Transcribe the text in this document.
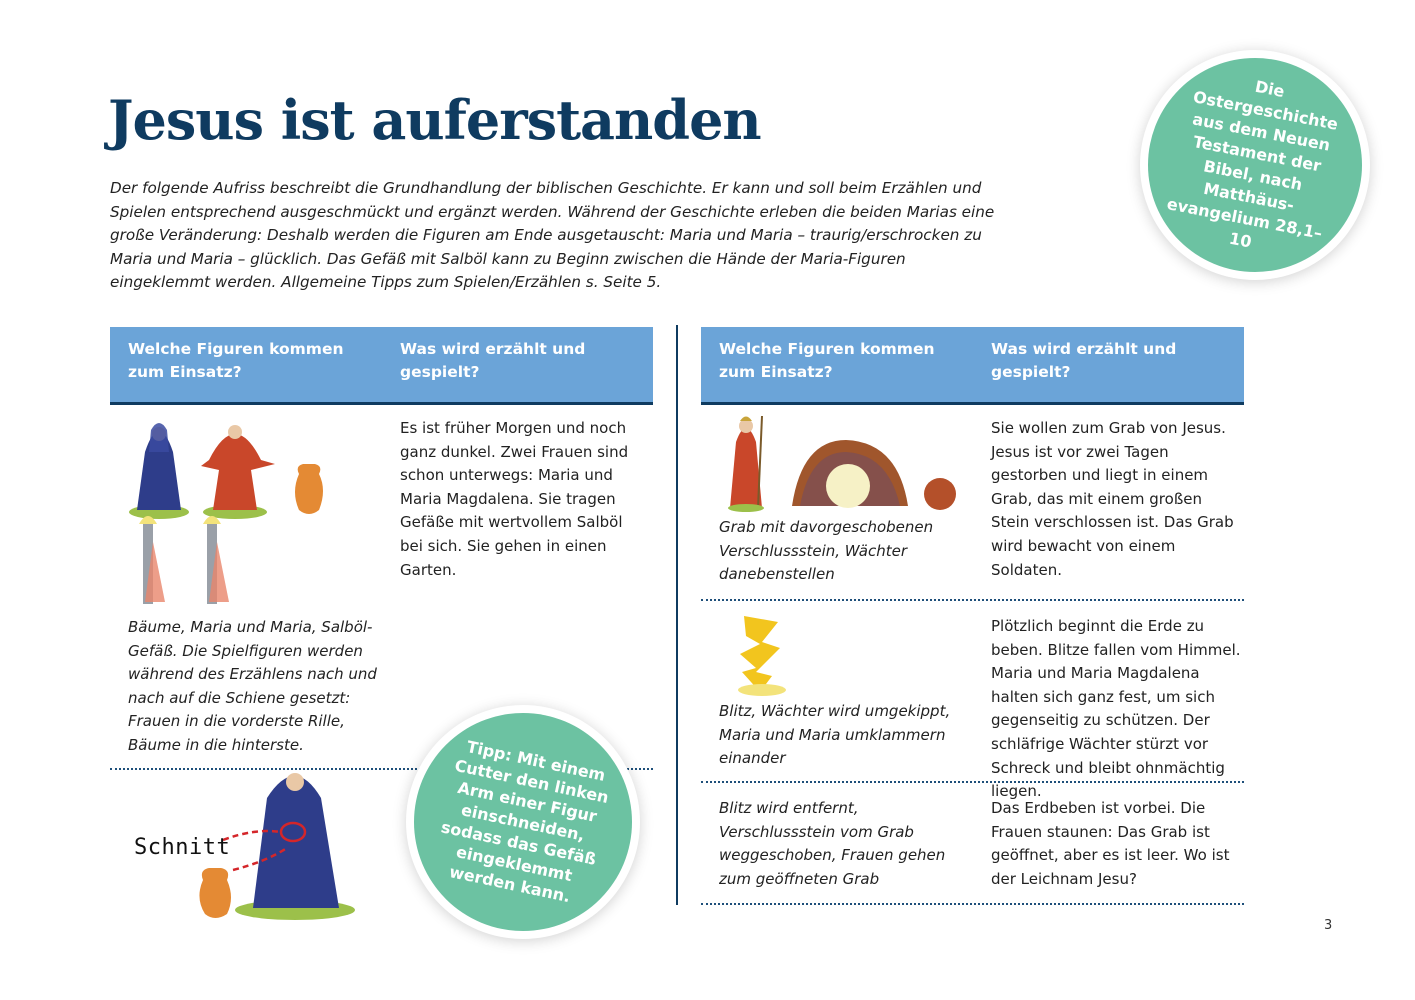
Jesus ist auferstanden
Der folgende Aufriss beschreibt die Grundhandlung der biblischen Geschichte. Er kann und soll beim Erzählen und Spielen entsprechend ausgeschmückt und ergänzt werden. Während der Geschichte erleben die beiden Marias eine große Veränderung: Deshalb werden die Figuren am Ende ausgetauscht: Maria und Maria – traurig/erschrocken zu Maria und Maria – glücklich. Das Gefäß mit Salböl kann zu Beginn zwischen die Hände der Maria-Figuren eingeklemmt werden. Allgemeine Tipps zum Spielen/Erzählen s. Seite 5.
Die Ostergeschichte aus dem Neuen Testament der Bibel, nach Matthäus-evangelium 28,1–10
Welche Figuren kommen zum Einsatz?
Was wird erzählt und gespielt?
Bäume, Maria und Maria, Salböl-Gefäß. Die Spielfiguren werden während des Erzählens nach und nach auf die Schiene gesetzt: Frauen in die vorderste Rille, Bäume in die hinterste.
Es ist früher Morgen und noch ganz dunkel. Zwei Frauen sind schon unterwegs: Maria und Maria Magdalena. Sie tragen Gefäße mit wertvollem Salböl bei sich. Sie gehen in einen Garten.
Schnitt
Tipp: Mit einem Cutter den linken Arm einer Figur einschneiden, sodass das Gefäß eingeklemmt werden kann.
Welche Figuren kommen zum Einsatz?
Was wird erzählt und gespielt?
Grab mit davorgeschobenen Verschlussstein, Wächter danebenstellen
Sie wollen zum Grab von Jesus. Jesus ist vor zwei Tagen gestorben und liegt in einem Grab, das mit einem großen Stein verschlossen ist. Das Grab wird bewacht von einem Soldaten.
Blitz, Wächter wird umgekippt, Maria und Maria umklammern einander
Plötzlich beginnt die Erde zu beben. Blitze fallen vom Himmel. Maria und Maria Magdalena halten sich ganz fest, um sich gegenseitig zu schützen. Der schläfrige Wächter stürzt vor Schreck und bleibt ohnmächtig liegen.
Blitz wird entfernt, Verschlussstein vom Grab weggeschoben, Frauen gehen zum geöffneten Grab
Das Erdbeben ist vorbei. Die Frauen staunen: Das Grab ist geöffnet, aber es ist leer. Wo ist der Leichnam Jesu?
3
